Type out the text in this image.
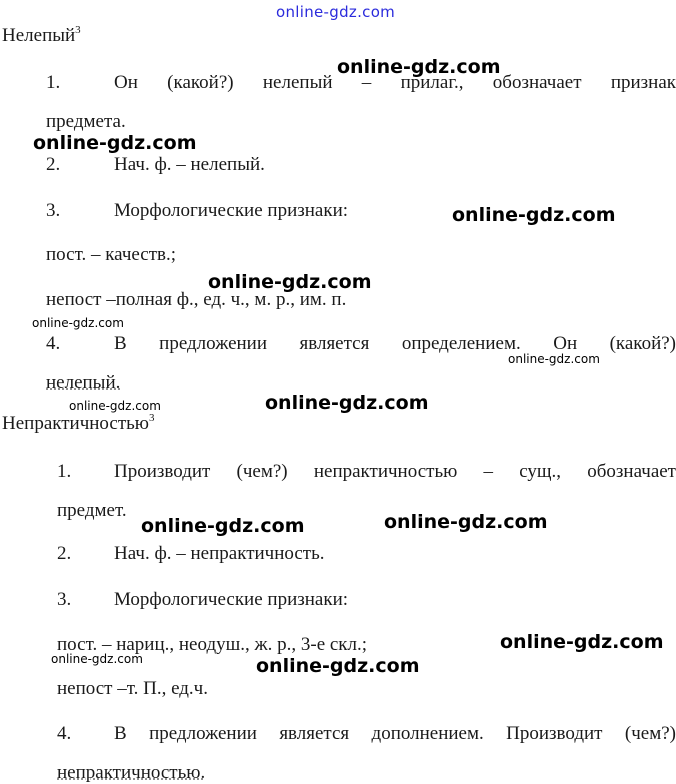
online-gdz.com
Нелепый$^3$
1.	Он (какой?) нелепый – прилаг., обозначает признак
предмета.
2.	Нач. ф. – нелепый.
3.	Морфологические признаки:
пост. – качеств.;
непост –полная ф., ед. ч., м. р., им. п.
4.	В предложении является определением. Он (какой?)
нелепый.
Непрактичностью$^3$
1. Производит (чем?) непрактичностью – сущ., обозначает
предмет.
2. Нач. ф. – непрактичность.
3. Морфологические признаки:
пост. – нариц., неодуш., ж. р., 3-е скл.;
непост –т. П., ед.ч.
4. В предложении является дополнением. Производит (чем?)
непрактичностью.
online-gdz.com
online-gdz.com
online-gdz.com
online-gdz.com
online-gdz.com
online-gdz.com
online-gdz.com
online-gdz.com
online-gdz.com	online-gdz.com
online-gdz.com
online-gdz.com	online-gdz.com
